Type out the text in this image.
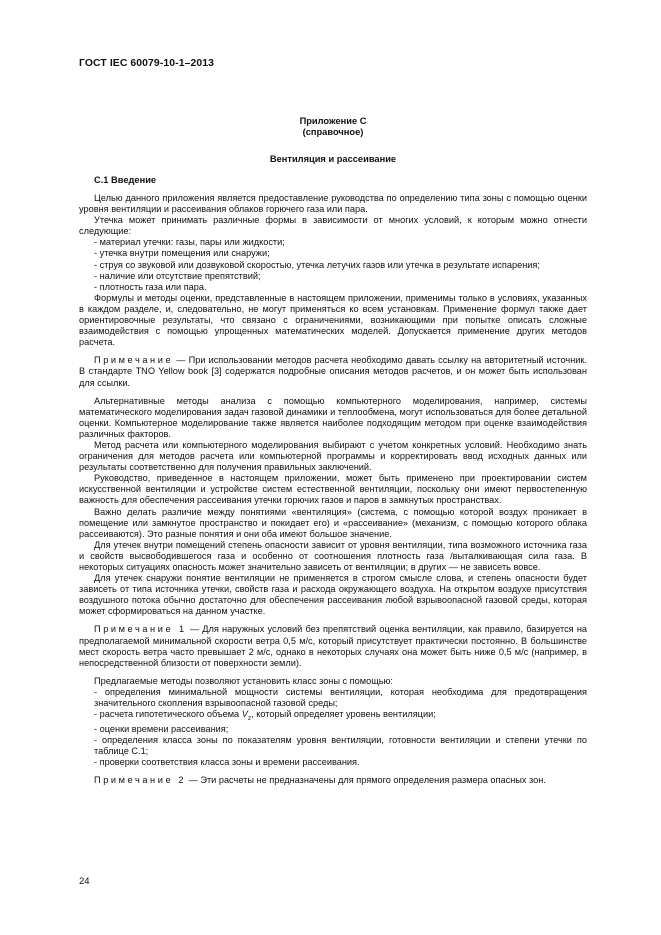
ГОСТ IEC 60079-10-1–2013
Приложение С
(справочное)
Вентиляция и рассеивание
С.1 Введение

Целью данного приложения является предоставление руководства по определению типа зоны с помощью оценки уровня вентиляции и рассеивания облаков горючего газа или пара.

Утечка может принимать различные формы в зависимости от многих условий, к которым можно отнести следующие:

- материал утечки: газы, пары или жидкости;

- утечка внутри помещения или снаружи;

- струя со звуковой или дозвуковой скоростью, утечка летучих газов или утечка в результате испарения;

- наличие или отсутствие препятствий;

- плотность газа или пара.

Формулы и методы оценки, представленные в настоящем приложении, применимы только в условиях, указанных в каждом разделе, и, следовательно, не могут применяться ко всем установкам. Применение формул также дает ориентировочные результаты, что связано с ограничениями, возникающими при попытке описать сложные взаимодействия с помощью упрощенных математических моделей. Допускается применение других методов расчета.

Примечание — При использовании методов расчета необходимо давать ссылку на авторитетный источник. В стандарте TNO Yellow book [3] содержатся подробные описания методов расчетов, и он может быть использован для ссылки.

Альтернативные методы анализа с помощью компьютерного моделирования, например, системы математического моделирования задач газовой динамики и теплообмена, могут использоваться для более детальной оценки. Компьютерное моделирование также является наиболее подходящим методом при оценке взаимодействия различных факторов.

Метод расчета или компьютерного моделирования выбирают с учетом конкретных условий. Необходимо знать ограничения для методов расчета или компьютерной программы и корректировать ввод исходных данных или результаты соответственно для получения правильных заключений.

Руководство, приведенное в настоящем приложении, может быть применено при проектировании систем искусственной вентиляции и устройстве систем естественной вентиляции, поскольку они имеют первостепенную важность для обеспечения рассеивания утечки горючих газов и паров в замкнутых пространствах.

Важно делать различие между понятиями «вентиляция» (система, с помощью которой воздух проникает в помещение или замкнутое пространство и покидает его) и «рассеивание» (механизм, с помощью которого облака рассеиваются). Это разные понятия и они оба имеют большое значение.

Для утечек внутри помещений степень опасности зависит от уровня вентиляции, типа возможного источника газа и свойств высвободившегося газа и особенно от соотношения плотность газа /выталкивающая сила газа. В некоторых ситуациях опасность может значительно зависеть от вентиляции; в других — не зависеть вовсе.

Для утечек снаружи понятие вентиляции не применяется в строгом смысле слова, и степень опасности будет зависеть от типа источника утечки, свойств газа и расхода окружающего воздуха. На открытом воздухе присутствия воздушного потока обычно достаточно для обеспечения рассеивания любой взрывоопасной газовой среды, которая может сформироваться на данном участке.

Примечание 1 — Для наружных условий без препятствий оценка вентиляции, как правило, базируется на предполагаемой минимальной скорости ветра 0,5 м/с, который присутствует практически постоянно. В большинстве мест скорость ветра часто превышает 2 м/с, однако в некоторых случаях она может быть ниже 0,5 м/с (например, в непосредственной близости от поверхности земли).

Предлагаемые методы позволяют установить класс зоны с помощью:

- определения минимальной мощности системы вентиляции, которая необходима для предотвращения значительного скопления взрывоопасной газовой среды;

- расчета гипотетического объема $V_z$, который определяет уровень вентиляции;

- оценки времени рассеивания;

- определения класса зоны по показателям уровня вентиляции, готовности вентиляции и степени утечки по таблице С.1;

- проверки соответствия класса зоны и времени рассеивания.

Примечание 2 — Эти расчеты не предназначены для прямого определения размера опасных зон.

24
